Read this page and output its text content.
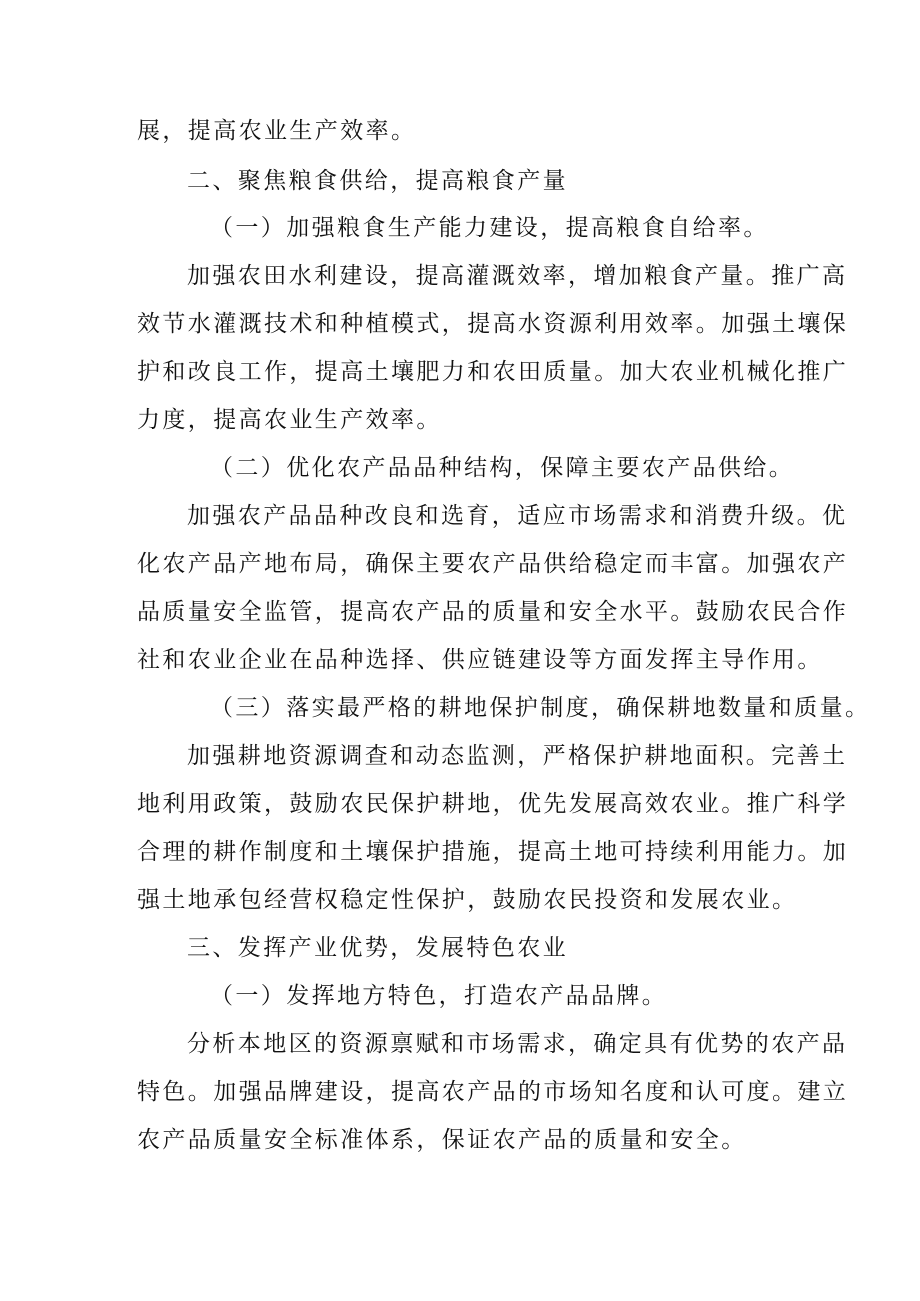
展，提高农业生产效率。
二、聚焦粮食供给，提高粮食产量
（一）加强粮食生产能力建设，提高粮食自给率。
加强农田水利建设，提高灌溉效率，增加粮食产量。推广高
效节水灌溉技术和种植模式，提高水资源利用效率。加强土壤保
护和改良工作，提高土壤肥力和农田质量。加大农业机械化推广
力度，提高农业生产效率。
（二）优化农产品品种结构，保障主要农产品供给。
加强农产品品种改良和选育，适应市场需求和消费升级。优
化农产品产地布局，确保主要农产品供给稳定而丰富。加强农产
品质量安全监管，提高农产品的质量和安全水平。鼓励农民合作
社和农业企业在品种选择、供应链建设等方面发挥主导作用。
（三）落实最严格的耕地保护制度，确保耕地数量和质量。
加强耕地资源调查和动态监测，严格保护耕地面积。完善土
地利用政策，鼓励农民保护耕地，优先发展高效农业。推广科学
合理的耕作制度和土壤保护措施，提高土地可持续利用能力。加
强土地承包经营权稳定性保护，鼓励农民投资和发展农业。
三、发挥产业优势，发展特色农业
（一）发挥地方特色，打造农产品品牌。
分析本地区的资源禀赋和市场需求，确定具有优势的农产品
特色。加强品牌建设，提高农产品的市场知名度和认可度。建立
农产品质量安全标准体系，保证农产品的质量和安全。
